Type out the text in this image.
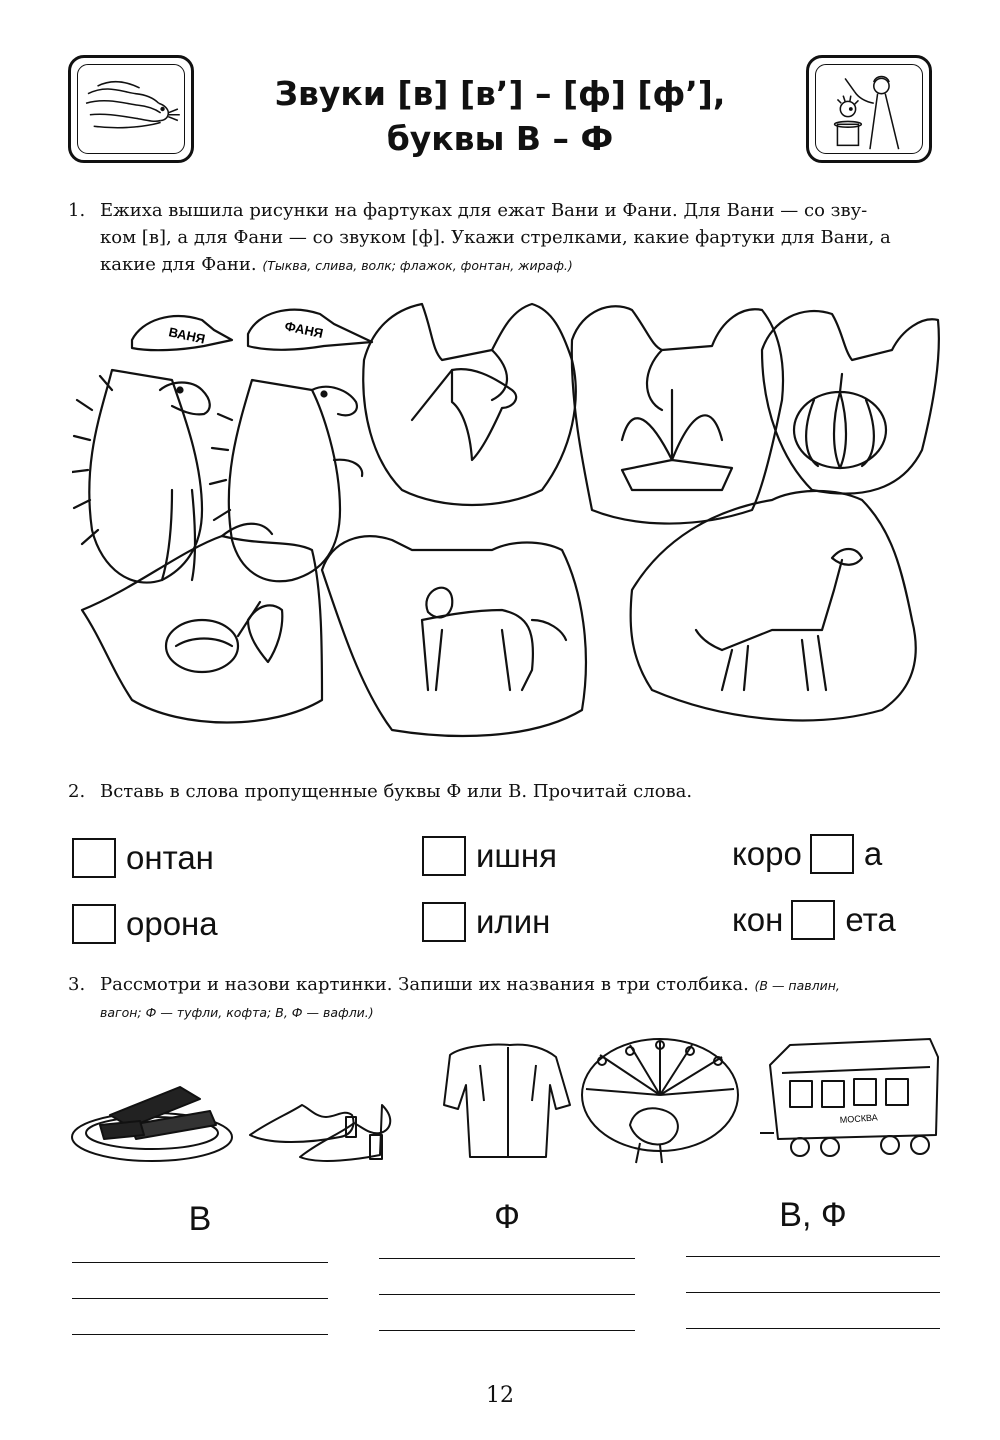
Звуки [в] [в’] – [ф] [ф’],
буквы В – Ф
1. Ежиха вышила рисунки на фартуках для ежат Вани и Фани. Для Вани — со зву-
ком [в], а для Фани — со звуком [ф]. Укажи стрелками, какие фартуки для Вани, а
какие для Фани. (Тыква, слива, волк; флажок, фонтан, жираф.)
ВАНЯ	ФАНЯ
2. Вставь в слова пропущенные буквы Ф или В. Прочитай слова.
онтан	ишня	коро а
орона	илин	кон ета
3. Рассмотри и назови картинки. Запиши их названия в три столбика. (В — павлин,
вагон; Ф — туфли, кофта; В, Ф — вафли.)
МОСКВА
В	Ф	В, Ф
12
